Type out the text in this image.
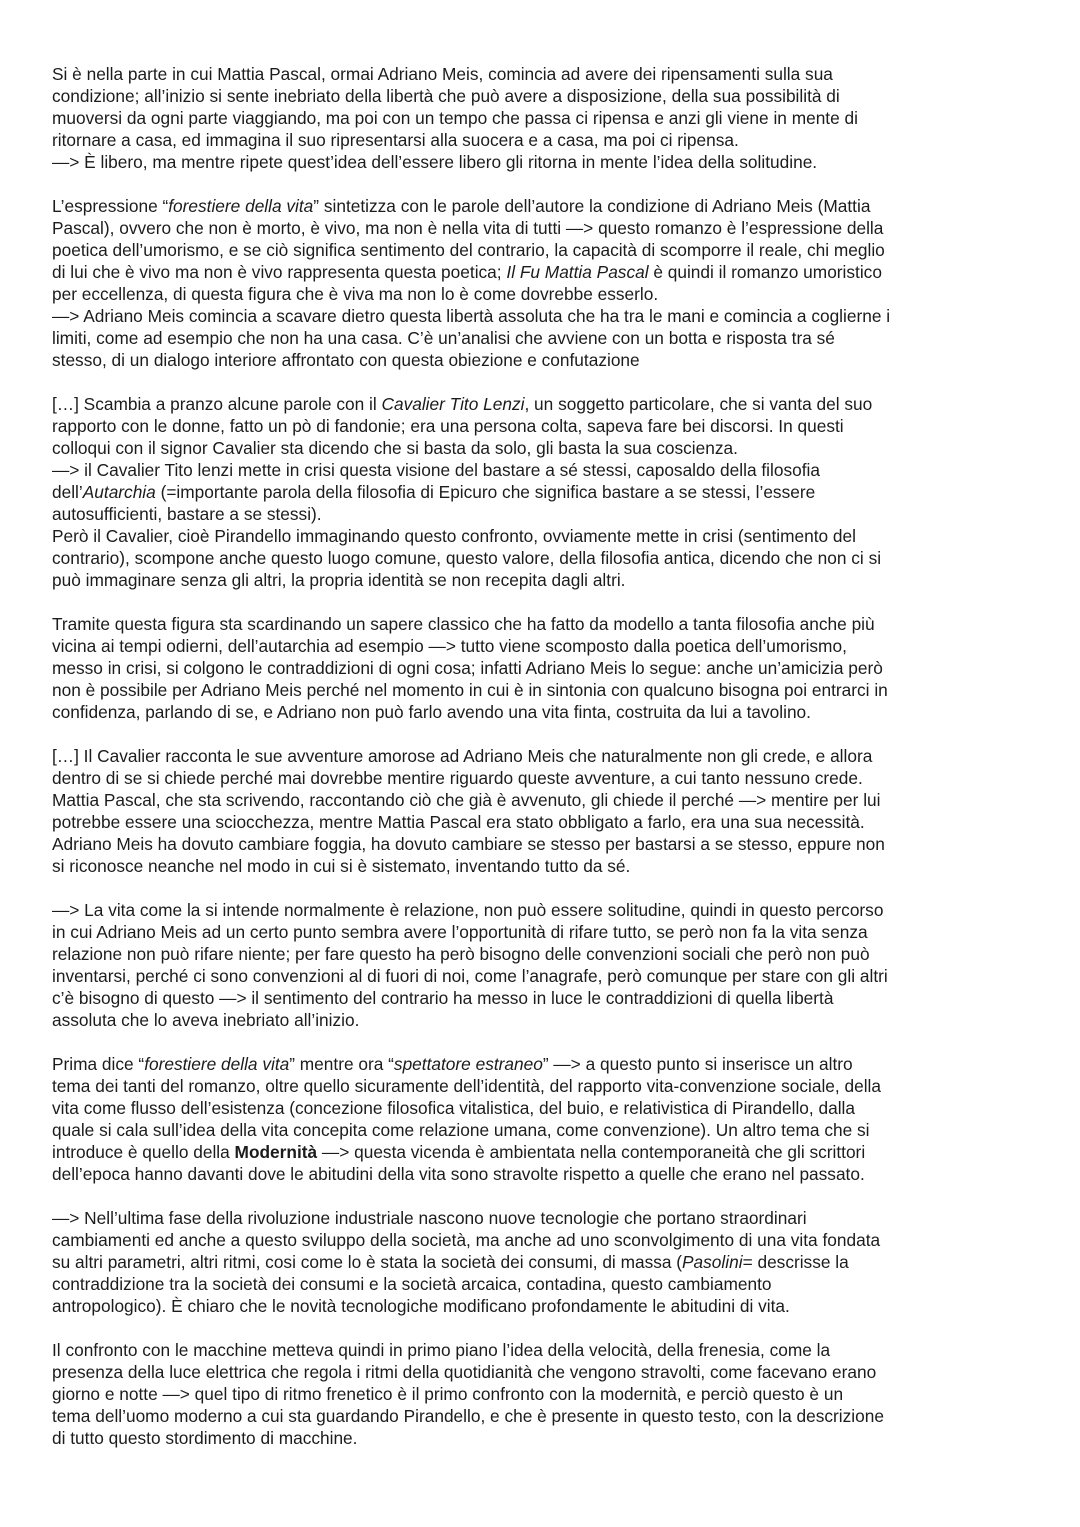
Si è nella parte in cui Mattia Pascal, ormai Adriano Meis, comincia ad avere dei ripensamenti sulla sua
condizione; all’inizio si sente inebriato della libertà che può avere a disposizione, della sua possibilità di
muoversi da ogni parte viaggiando, ma poi con un tempo che passa ci ripensa e anzi gli viene in mente di
ritornare a casa, ed immagina il suo ripresentarsi alla suocera e a casa, ma poi ci ripensa.
—> È libero, ma mentre ripete quest’idea dell’essere libero gli ritorna in mente l’idea della solitudine.

L’espressione “forestiere della vita” sintetizza con le parole dell’autore la condizione di Adriano Meis (Mattia
Pascal), ovvero che non è morto, è vivo, ma non è nella vita di tutti —> questo romanzo è l’espressione della
poetica dell’umorismo, e se ciò significa sentimento del contrario, la capacità di scomporre il reale, chi meglio
di lui che è vivo ma non è vivo rappresenta questa poetica; Il Fu Mattia Pascal è quindi il romanzo umoristico
per eccellenza, di questa figura che è viva ma non lo è come dovrebbe esserlo.
—> Adriano Meis comincia a scavare dietro questa libertà assoluta che ha tra le mani e comincia a coglierne i
limiti, come ad esempio che non ha una casa. C’è un’analisi che avviene con un botta e risposta tra sé
stesso, di un dialogo interiore affrontato con questa obiezione e confutazione

[…] Scambia a pranzo alcune parole con il Cavalier Tito Lenzi, un soggetto particolare, che si vanta del suo
rapporto con le donne, fatto un pò di fandonie; era una persona colta, sapeva fare bei discorsi. In questi
colloqui con il signor Cavalier sta dicendo che si basta da solo, gli basta la sua coscienza.
—> il Cavalier Tito lenzi mette in crisi questa visione del bastare a sé stessi, caposaldo della filosofia
dell’Autarchia (=importante parola della filosofia di Epicuro che significa bastare a se stessi, l’essere
autosufficienti, bastare a se stessi).
Però il Cavalier, cioè Pirandello immaginando questo confronto, ovviamente mette in crisi (sentimento del
contrario), scompone anche questo luogo comune, questo valore, della filosofia antica, dicendo che non ci si
può immaginare senza gli altri, la propria identità se non recepita dagli altri.

Tramite questa figura sta scardinando un sapere classico che ha fatto da modello a tanta filosofia anche più
vicina ai tempi odierni, dell’autarchia ad esempio —> tutto viene scomposto dalla poetica dell’umorismo,
messo in crisi, si colgono le contraddizioni di ogni cosa; infatti Adriano Meis lo segue: anche un’amicizia però
non è possibile per Adriano Meis perché nel momento in cui è in sintonia con qualcuno bisogna poi entrarci in
confidenza, parlando di se, e Adriano non può farlo avendo una vita finta, costruita da lui a tavolino.

[…] Il Cavalier racconta le sue avventure amorose ad Adriano Meis che naturalmente non gli crede, e allora
dentro di se si chiede perché mai dovrebbe mentire riguardo queste avventure, a cui tanto nessuno crede.
Mattia Pascal, che sta scrivendo, raccontando ciò che già è avvenuto, gli chiede il perché —> mentire per lui
potrebbe essere una sciocchezza, mentre Mattia Pascal era stato obbligato a farlo, era una sua necessità.
Adriano Meis ha dovuto cambiare foggia, ha dovuto cambiare se stesso per bastarsi a se stesso, eppure non
si riconosce neanche nel modo in cui si è sistemato, inventando tutto da sé.

—> La vita come la si intende normalmente è relazione, non può essere solitudine, quindi in questo percorso
in cui Adriano Meis ad un certo punto sembra avere l’opportunità di rifare tutto, se però non fa la vita senza
relazione non può rifare niente; per fare questo ha però bisogno delle convenzioni sociali che però non può
inventarsi, perché ci sono convenzioni al di fuori di noi, come l’anagrafe, però comunque per stare con gli altri
c’è bisogno di questo —> il sentimento del contrario ha messo in luce le contraddizioni di quella libertà
assoluta che lo aveva inebriato all’inizio.

Prima dice “forestiere della vita” mentre ora “spettatore estraneo” —> a questo punto si inserisce un altro
tema dei tanti del romanzo, oltre quello sicuramente dell’identità, del rapporto vita-convenzione sociale, della
vita come flusso dell’esistenza (concezione filosofica vitalistica, del buio, e relativistica di Pirandello, dalla
quale si cala sull’idea della vita concepita come relazione umana, come convenzione). Un altro tema che si
introduce è quello della Modernità —> questa vicenda è ambientata nella contemporaneità che gli scrittori
dell’epoca hanno davanti dove le abitudini della vita sono stravolte rispetto a quelle che erano nel passato.

—> Nell’ultima fase della rivoluzione industriale nascono nuove tecnologie che portano straordinari
cambiamenti ed anche a questo sviluppo della società, ma anche ad uno sconvolgimento di una vita fondata
su altri parametri, altri ritmi, cosi come lo è stata la società dei consumi, di massa (Pasolini= descrisse la
contraddizione tra la società dei consumi e la società arcaica, contadina, questo cambiamento
antropologico). È chiaro che le novità tecnologiche modificano profondamente le abitudini di vita.

Il confronto con le macchine metteva quindi in primo piano l’idea della velocità, della frenesia, come la
presenza della luce elettrica che regola i ritmi della quotidianità che vengono stravolti, come facevano erano
giorno e notte —> quel tipo di ritmo frenetico è il primo confronto con la modernità, e perciò questo è un
tema dell’uomo moderno a cui sta guardando Pirandello, e che è presente in questo testo, con la descrizione
di tutto questo stordimento di macchine.
